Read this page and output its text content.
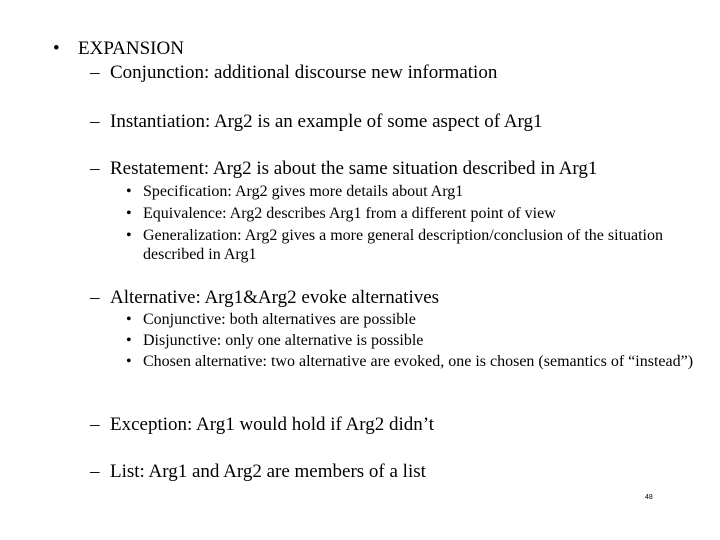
• EXPANSION
– Conjunction: additional discourse new information
– Instantiation: Arg2 is an example of some aspect of Arg1
– Restatement: Arg2 is about the same situation described in Arg1
• Specification: Arg2 gives more details about Arg1
• Equivalence: Arg2 describes Arg1 from a different point of view
• Generalization: Arg2 gives a more general description/conclusion of the situation described in Arg1
– Alternative: Arg1&Arg2 evoke alternatives
• Conjunctive: both alternatives are possible
• Disjunctive: only one alternative is possible
• Chosen alternative: two alternative are evoked, one is chosen (semantics of “instead”)
– Exception: Arg1 would hold if Arg2 didn’t
– List: Arg1 and Arg2 are members of a list
48
